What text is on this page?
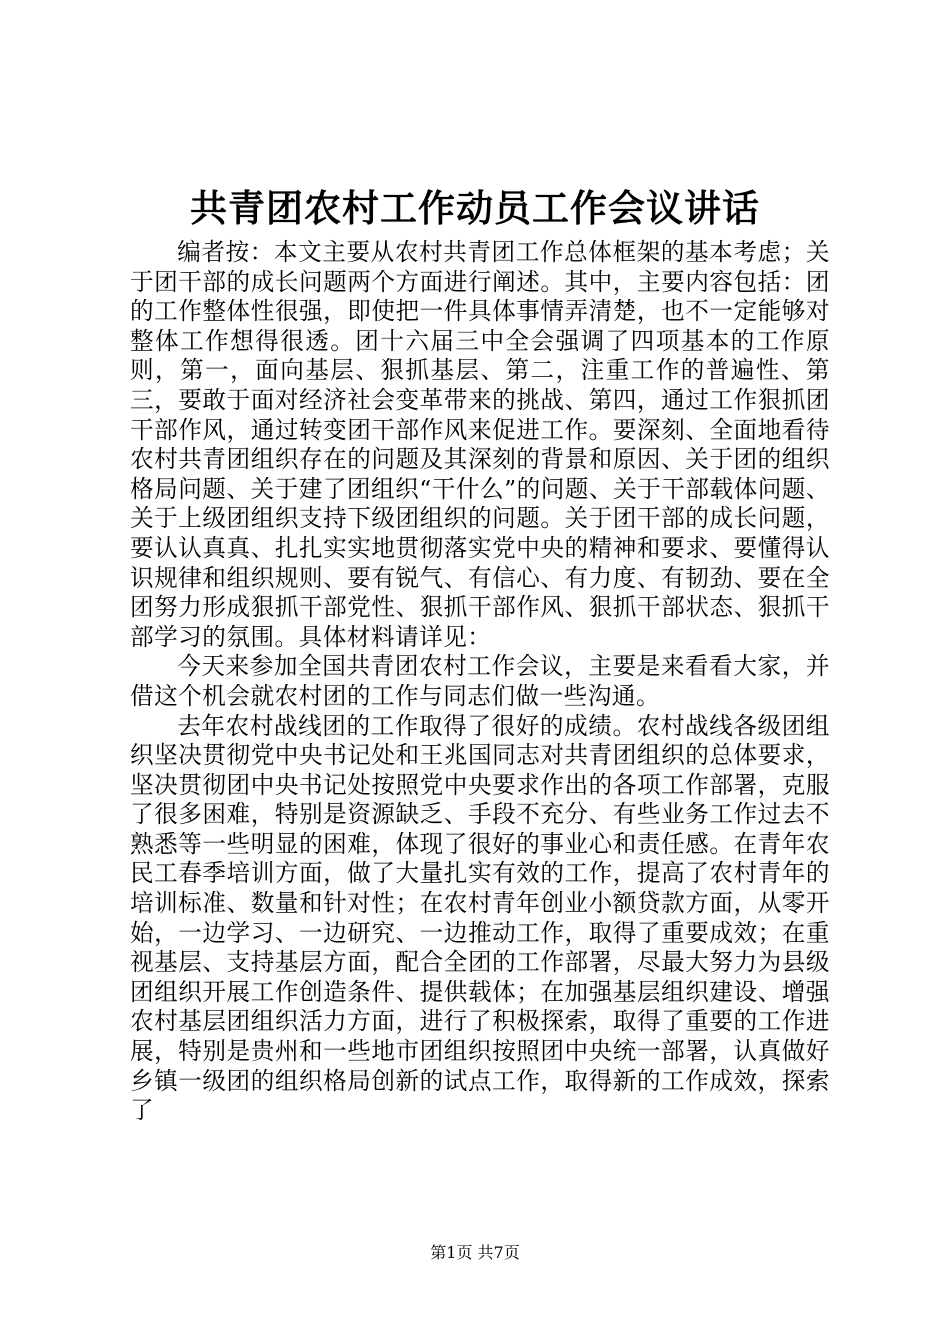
共青团农村工作动员工作会议讲话

编者按：本文主要从农村共青团工作总体框架的基本考虑；关于团干部的成长问题两个方面进行阐述。其中，主要内容包括：团的工作整体性很强，即使把一件具体事情弄清楚，也不一定能够对整体工作想得很透。团十六届三中全会强调了四项基本的工作原则，第一，面向基层、狠抓基层、第二，注重工作的普遍性、第三，要敢于面对经济社会变革带来的挑战、第四，通过工作狠抓团干部作风，通过转变团干部作风来促进工作。要深刻、全面地看待农村共青团组织存在的问题及其深刻的背景和原因、关于团的组织格局问题、关于建了团组织“干什么”的问题、关于干部载体问题、关于上级团组织支持下级团组织的问题。关于团干部的成长问题，要认认真真、扎扎实实地贯彻落实党中央的精神和要求、要懂得认识规律和组织规则、要有锐气、有信心、有力度、有韧劲、要在全团努力形成狠抓干部党性、狠抓干部作风、狠抓干部状态、狠抓干部学习的氛围。具体材料请详见：

今天来参加全国共青团农村工作会议，主要是来看看大家，并借这个机会就农村团的工作与同志们做一些沟通。

去年农村战线团的工作取得了很好的成绩。农村战线各级团组织坚决贯彻党中央书记处和王兆国同志对共青团组织的总体要求，坚决贯彻团中央书记处按照党中央要求作出的各项工作部署，克服了很多困难，特别是资源缺乏、手段不充分、有些业务工作过去不熟悉等一些明显的困难，体现了很好的事业心和责任感。在青年农民工春季培训方面，做了大量扎实有效的工作，提高了农村青年的培训标准、数量和针对性；在农村青年创业小额贷款方面，从零开始，一边学习、一边研究、一边推动工作，取得了重要成效；在重视基层、支持基层方面，配合全团的工作部署，尽最大努力为县级团组织开展工作创造条件、提供载体；在加强基层组织建设、增强农村基层团组织活力方面，进行了积极探索，取得了重要的工作进展，特别是贵州和一些地市团组织按照团中央统一部署，认真做好乡镇一级团的组织格局创新的试点工作，取得新的工作成效，探索了

第1页 共7页
